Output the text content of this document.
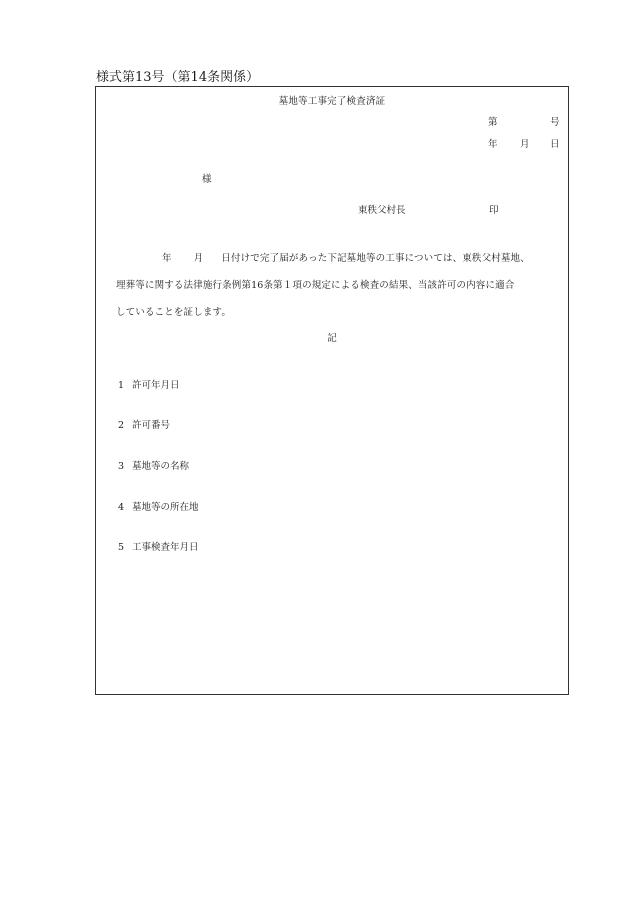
様式第13号（第14条関係）
墓地等工事完了検査済証
第	号
年 月 日
様
東秩父村長	印
年 月 日付けで完了届があった下記墓地等の工事については、東秩父村墓地、
埋葬等に関する法律施行条例第16条第１項の規定による検査の結果、当該許可の内容に適合
していることを証します。
記
1 許可年月日
2 許可番号
3 墓地等の名称
4 墓地等の所在地
5 工事検査年月日
